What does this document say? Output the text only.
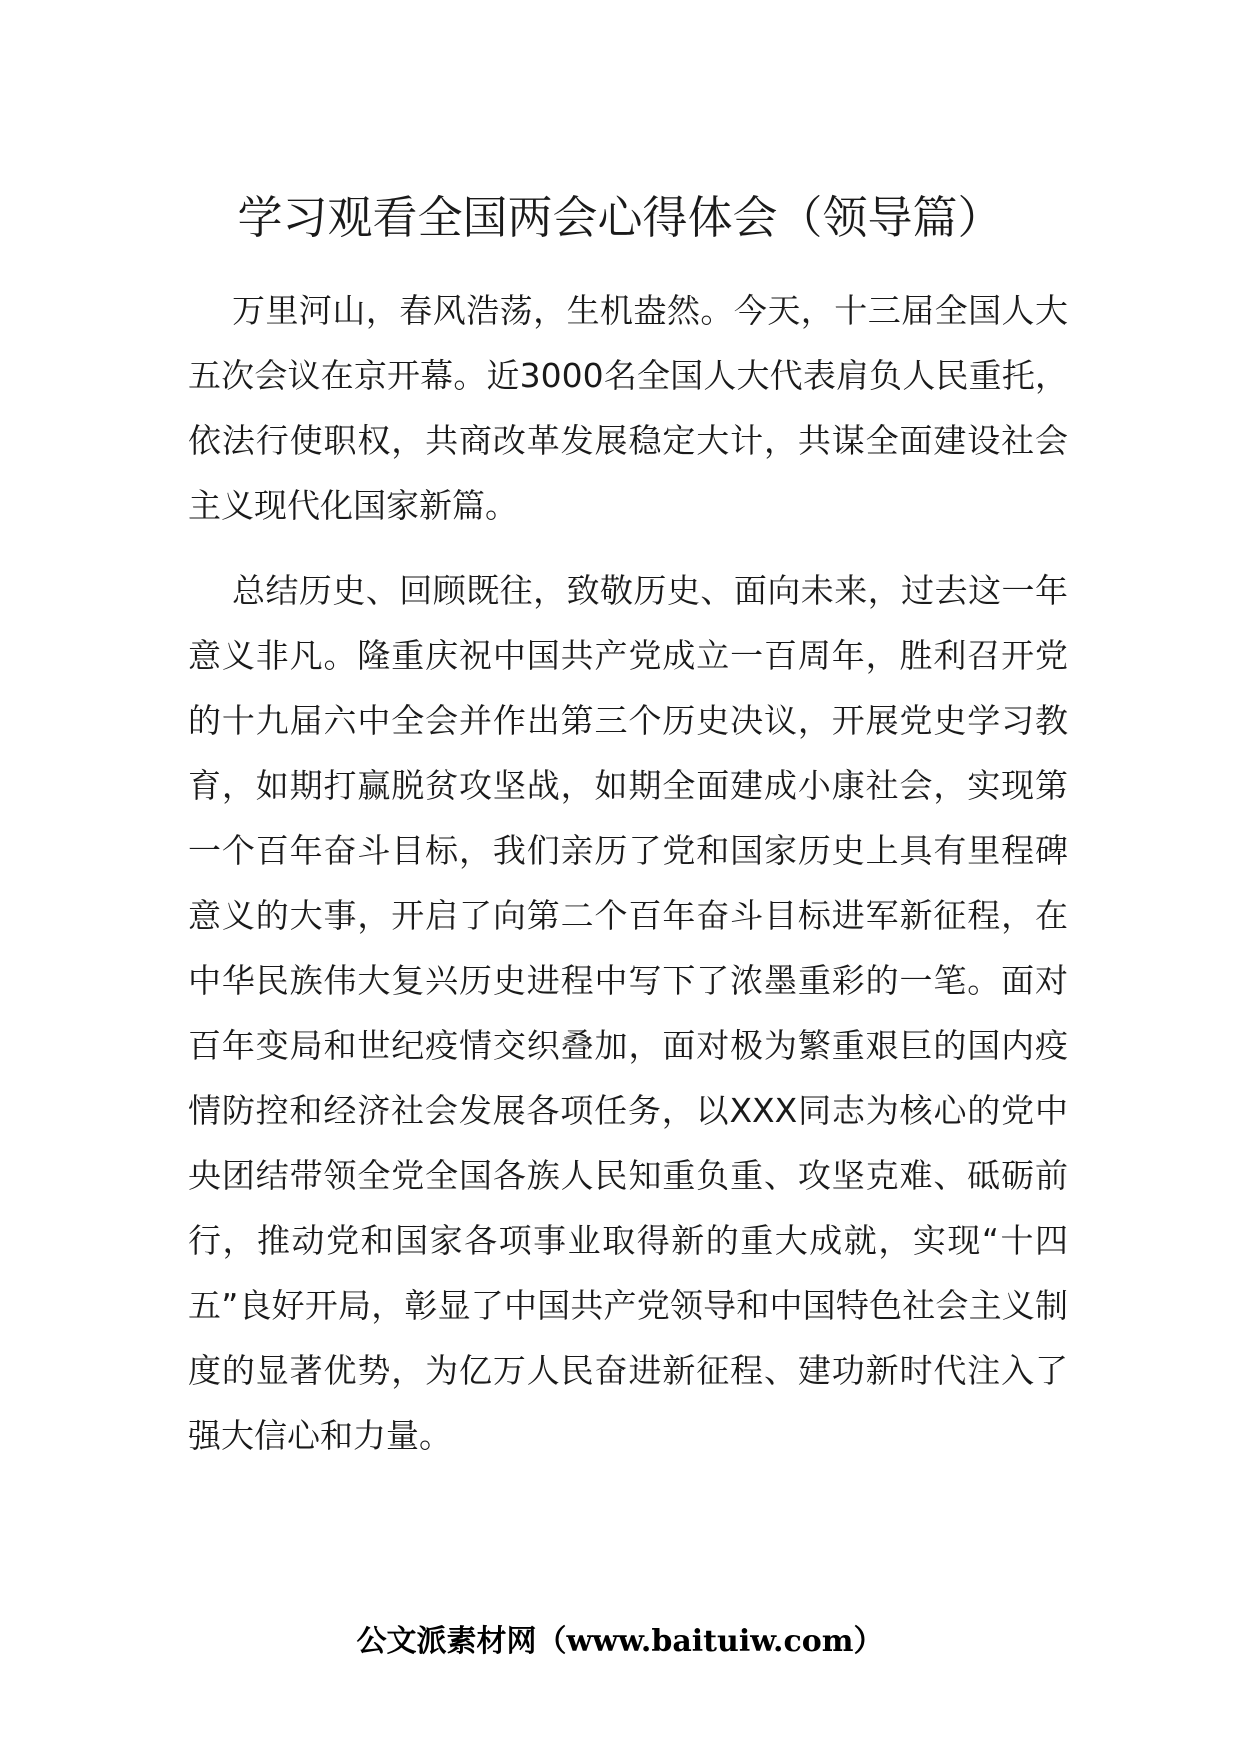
学习观看全国两会心得体会（领导篇）

万里河山，春风浩荡，生机盎然。今天，十三届全国人大五次会议在京开幕。近3000名全国人大代表肩负人民重托，依法行使职权，共商改革发展稳定大计，共谋全面建设社会主义现代化国家新篇。

总结历史、回顾既往，致敬历史、面向未来，过去这一年意义非凡。隆重庆祝中国共产党成立一百周年，胜利召开党的十九届六中全会并作出第三个历史决议，开展党史学习教育，如期打赢脱贫攻坚战，如期全面建成小康社会，实现第一个百年奋斗目标，我们亲历了党和国家历史上具有里程碑意义的大事，开启了向第二个百年奋斗目标进军新征程，在中华民族伟大复兴历史进程中写下了浓墨重彩的一笔。面对百年变局和世纪疫情交织叠加，面对极为繁重艰巨的国内疫情防控和经济社会发展各项任务，以XXX同志为核心的党中央团结带领全党全国各族人民知重负重、攻坚克难、砥砺前行，推动党和国家各项事业取得新的重大成就，实现“十四五”良好开局，彰显了中国共产党领导和中国特色社会主义制度的显著优势，为亿万人民奋进新征程、建功新时代注入了强大信心和力量。

公文派素材网（www.baituiw.com）
